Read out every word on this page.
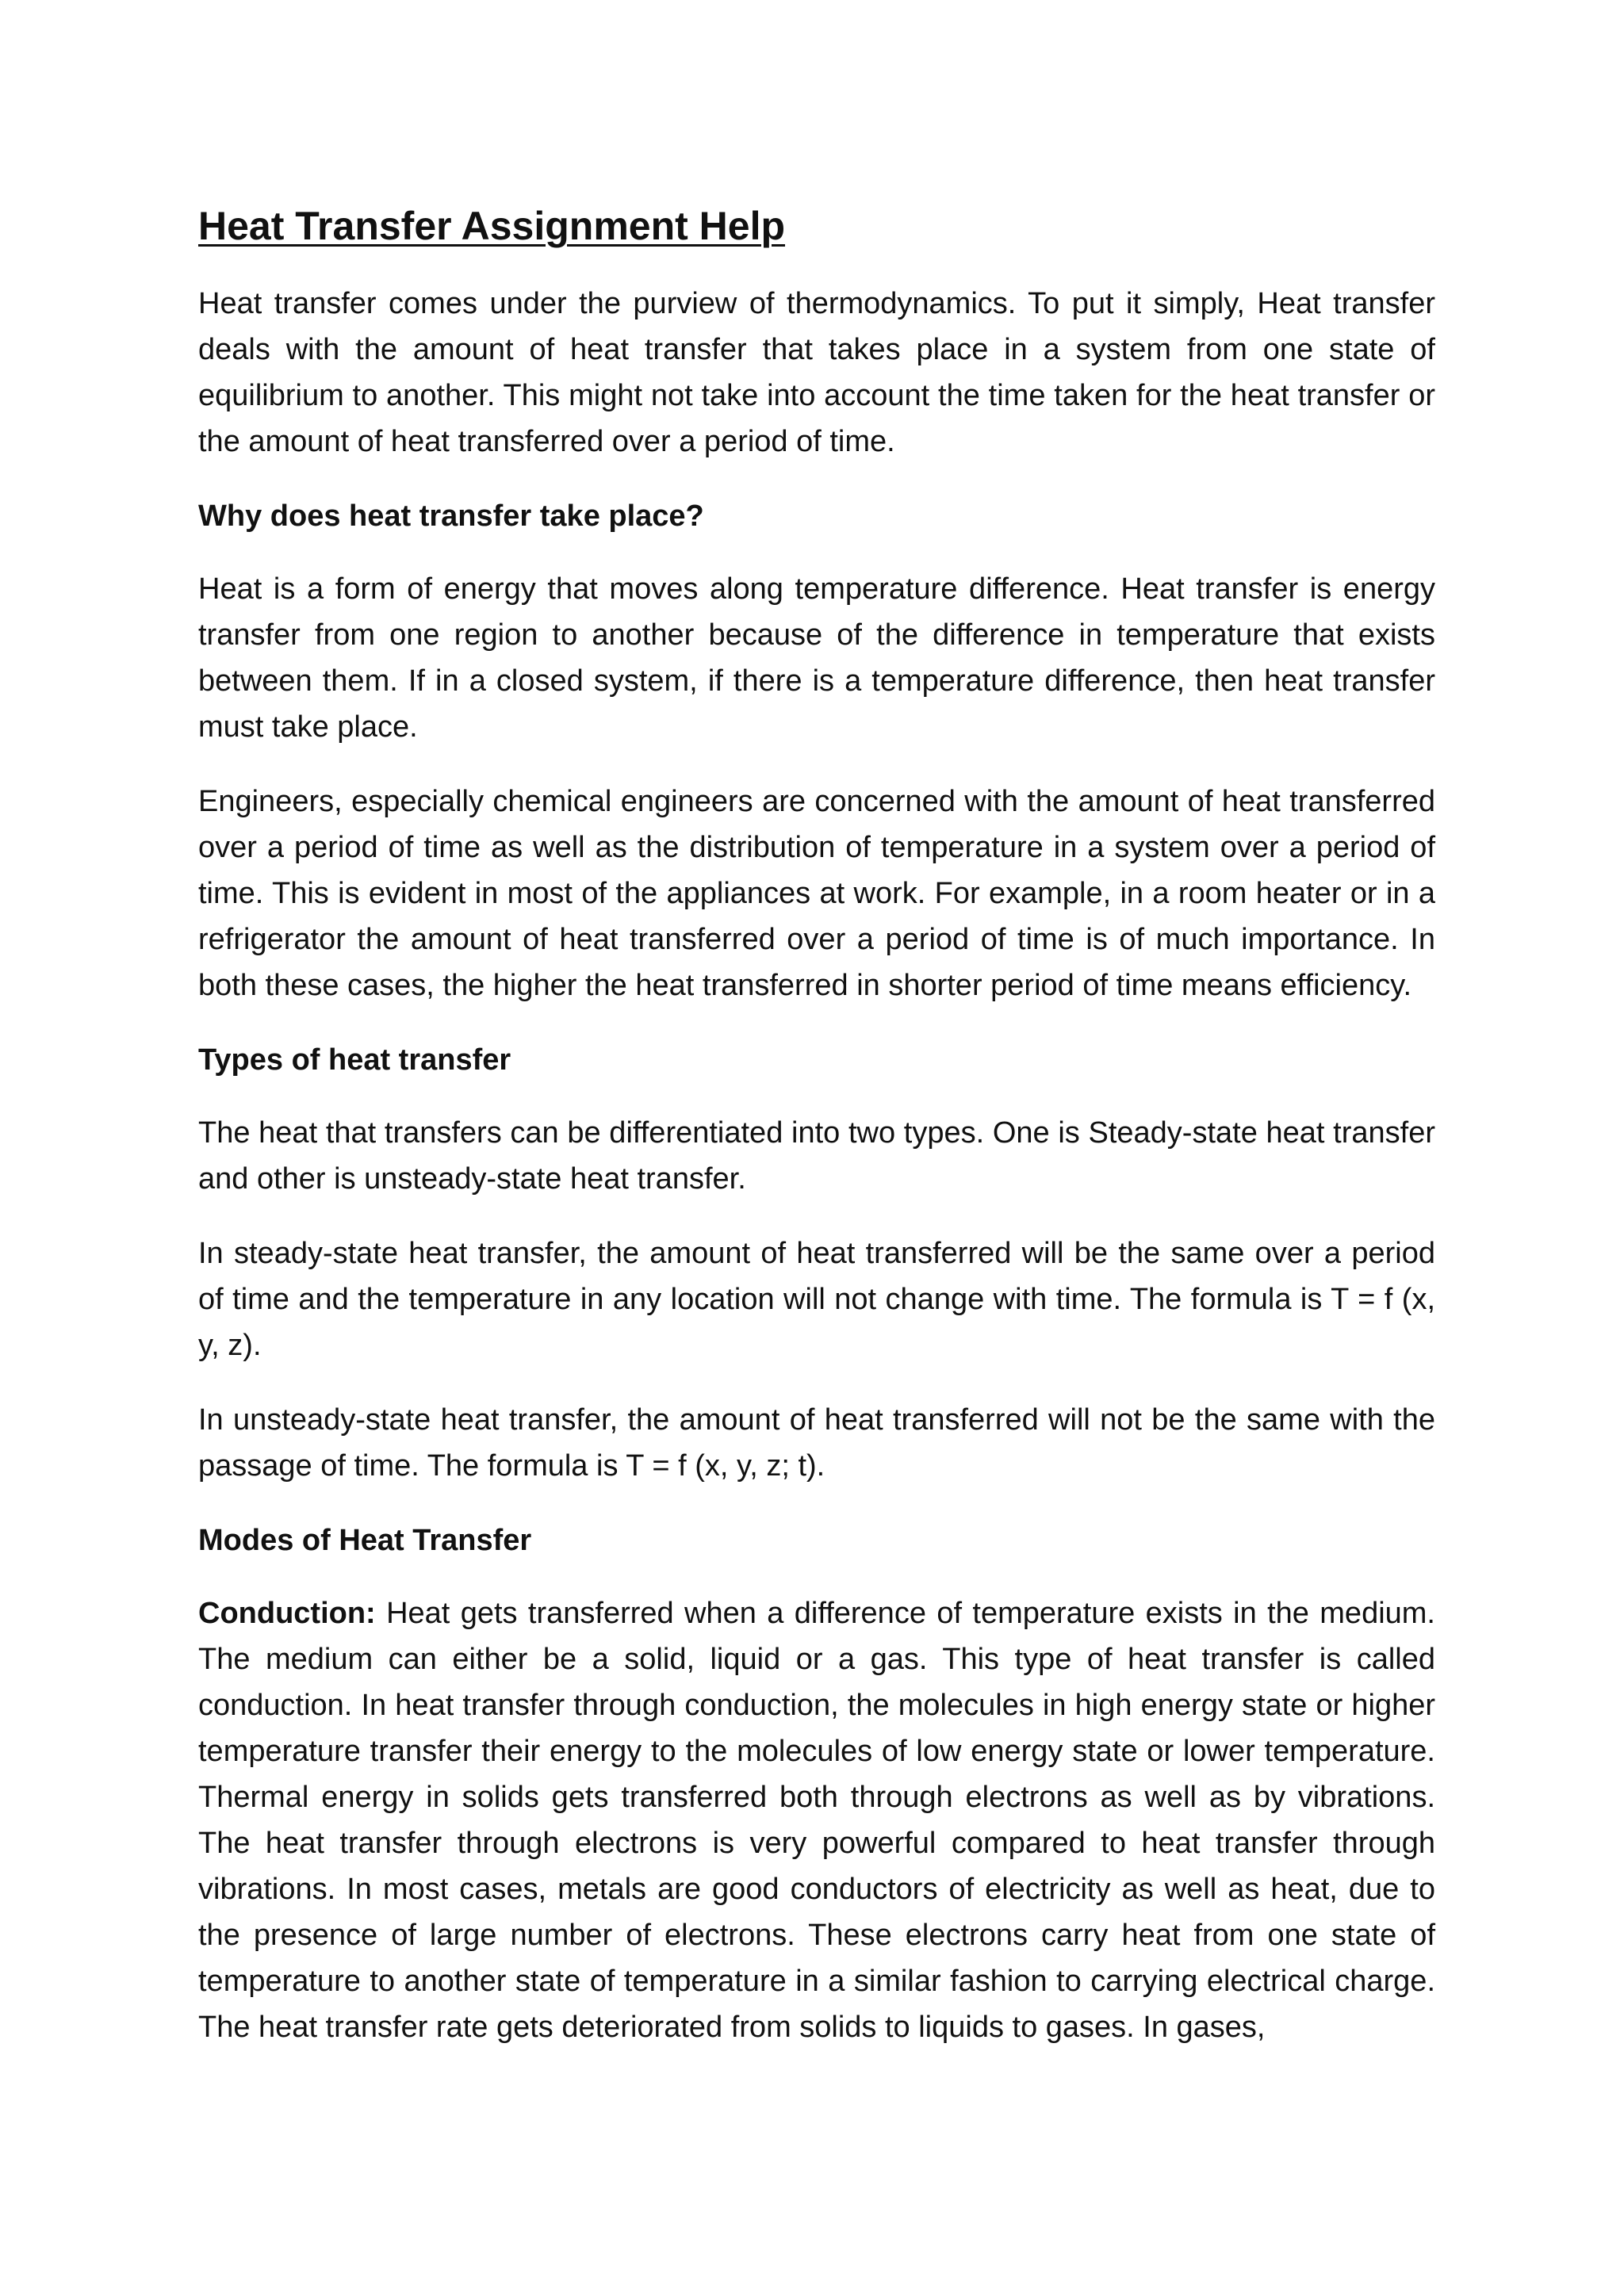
Heat Transfer Assignment Help

Heat transfer comes under the purview of thermodynamics. To put it simply, Heat transfer deals with the amount of heat transfer that takes place in a system from one state of equilibrium to another. This might not take into account the time taken for the heat transfer or the amount of heat transferred over a period of time.

Why does heat transfer take place?

Heat is a form of energy that moves along temperature difference. Heat transfer is energy transfer from one region to another because of the difference in temperature that exists between them. If in a closed system, if there is a temperature difference, then heat transfer must take place.

Engineers, especially chemical engineers are concerned with the amount of heat transferred over a period of time as well as the distribution of temperature in a system over a period of time. This is evident in most of the appliances at work. For example, in a room heater or in a refrigerator the amount of heat transferred over a period of time is of much importance. In both these cases, the higher the heat transferred in shorter period of time means efficiency.

Types of heat transfer

The heat that transfers can be differentiated into two types. One is Steady-state heat transfer and other is unsteady-state heat transfer.

In steady-state heat transfer, the amount of heat transferred will be the same over a period of time and the temperature in any location will not change with time. The formula is T = f (x, y, z).

In unsteady-state heat transfer, the amount of heat transferred will not be the same with the passage of time. The formula is T = f (x, y, z; t).

Modes of Heat Transfer

Conduction: Heat gets transferred when a difference of temperature exists in the medium. The medium can either be a solid, liquid or a gas. This type of heat transfer is called conduction. In heat transfer through conduction, the molecules in high energy state or higher temperature transfer their energy to the molecules of low energy state or lower temperature. Thermal energy in solids gets transferred both through electrons as well as by vibrations. The heat transfer through electrons is very powerful compared to heat transfer through vibrations. In most cases, metals are good conductors of electricity as well as heat, due to the presence of large number of electrons. These electrons carry heat from one state of temperature to another state of temperature in a similar fashion to carrying electrical charge. The heat transfer rate gets deteriorated from solids to liquids to gases. In gases,
